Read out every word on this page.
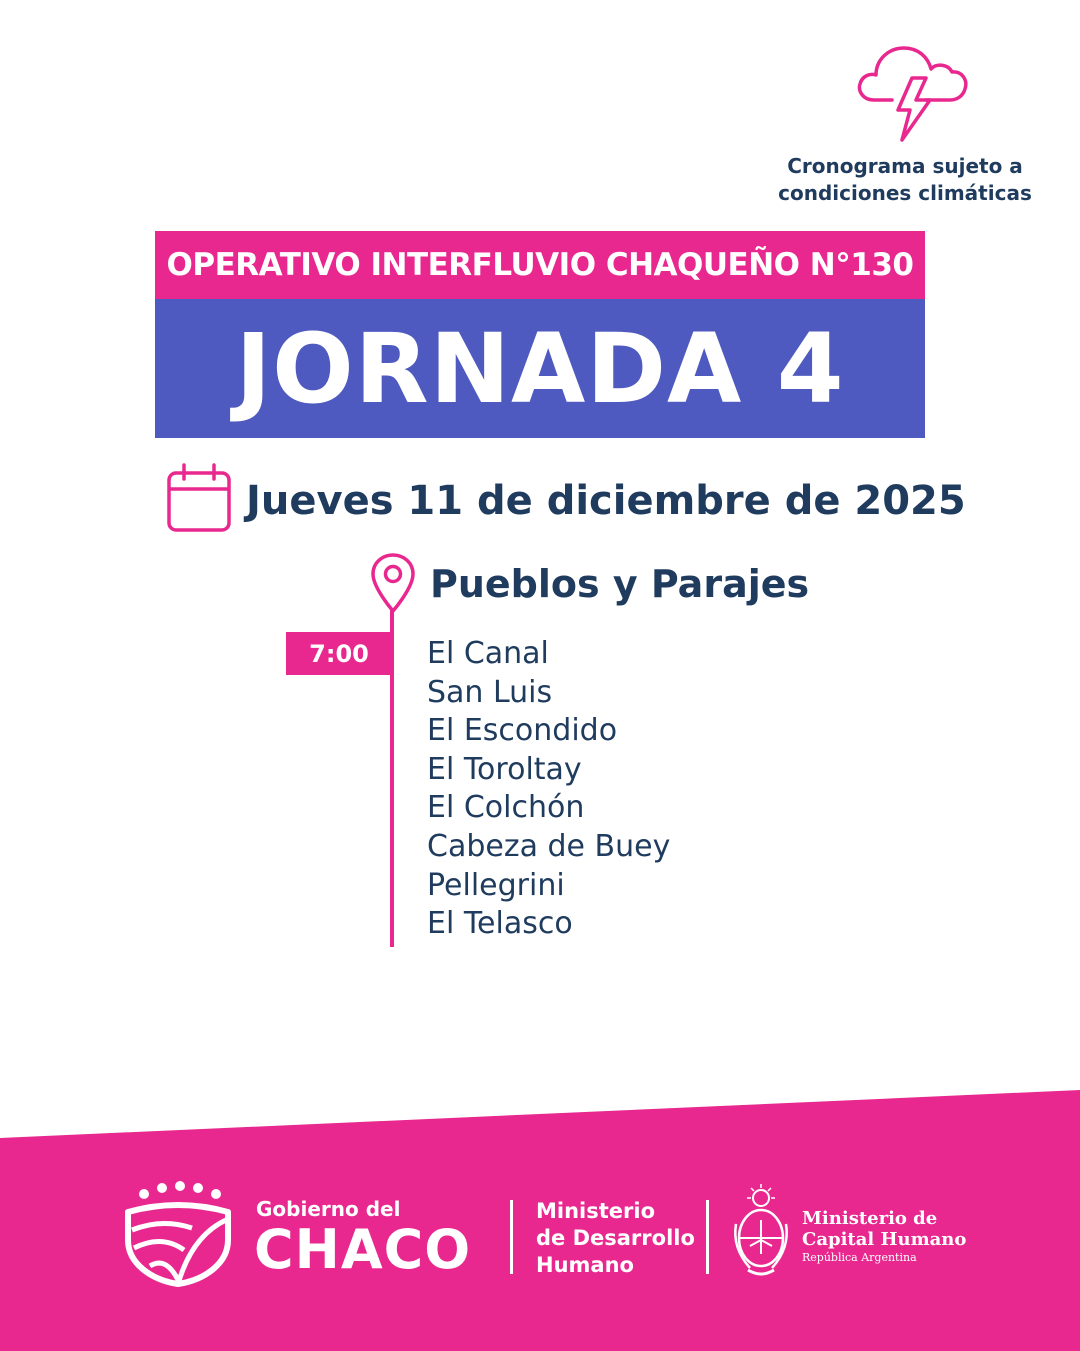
Cronograma sujeto a
condiciones climáticas
OPERATIVO INTERFLUVIO CHAQUEÑO N°130
JORNADA 4
Jueves 11 de diciembre de 2025
Pueblos y Parajes
7:00	El Canal
San Luis
El Escondido
El Toroltay
El Colchón
Cabeza de Buey
Pellegrini
El Telasco
Gobierno del
CHACO
Ministerio
de Desarrollo
Humano
Ministerio de
Capital Humano
República Argentina
